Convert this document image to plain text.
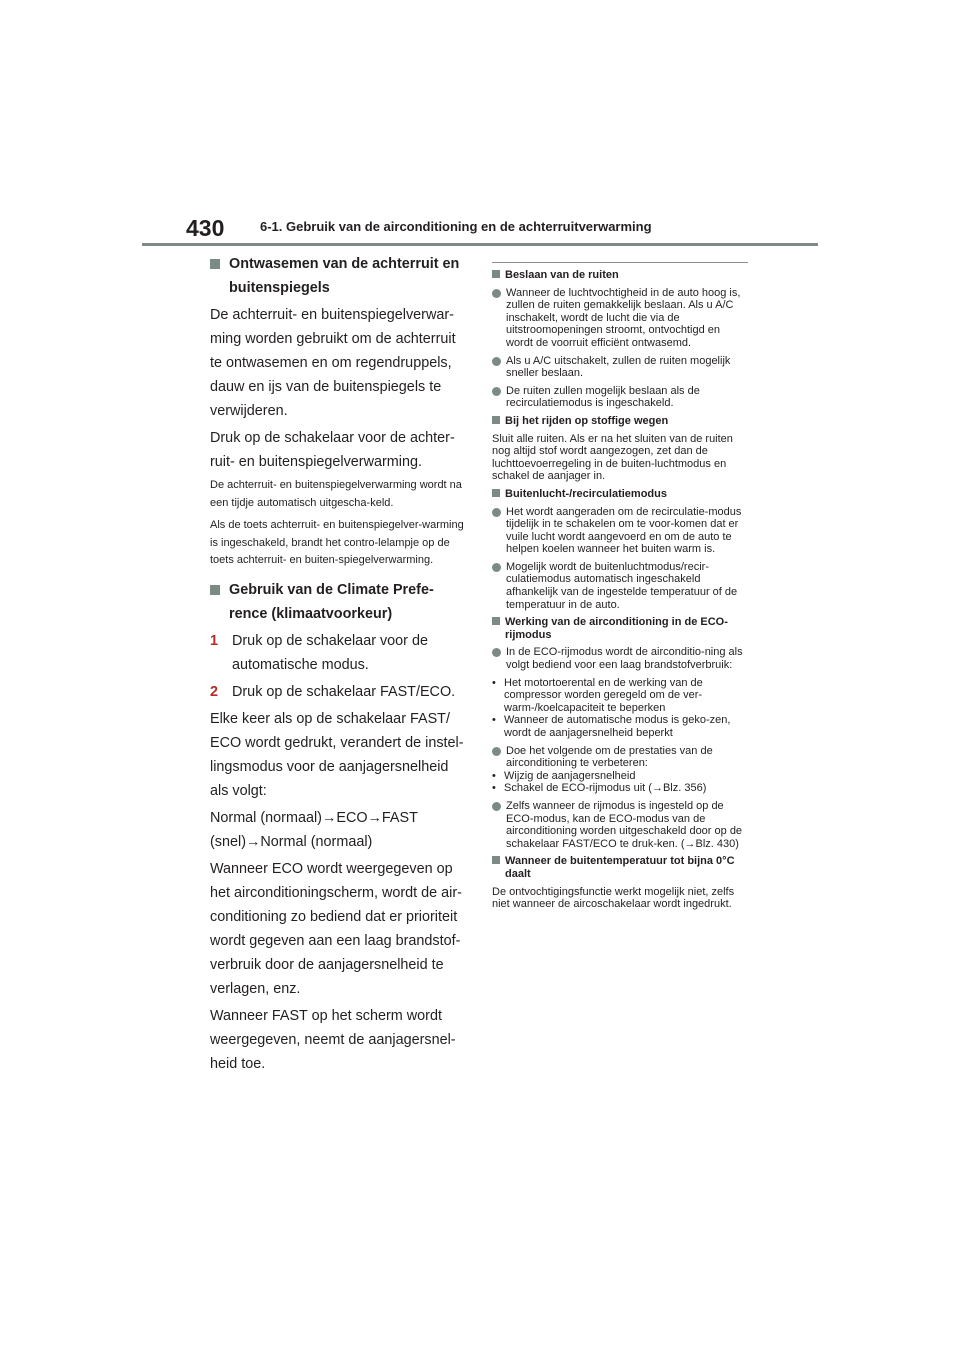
430	6-1. Gebruik van de airconditioning en de achterruitverwarming
Ontwasemen van de achterruit en buitenspiegels

De achterruit- en buitenspiegelverwar-ming worden gebruikt om de achterruit te ontwasemen en om regendruppels, dauw en ijs van de buitenspiegels te verwijderen.

Druk op de schakelaar voor de achter-ruit- en buitenspiegelverwarming.

De achterruit- en buitenspiegelverwarming wordt na een tijdje automatisch uitgescha-keld.

Als de toets achterruit- en buitenspiegelver-warming is ingeschakeld, brandt het contro-lelampje op de toets achterruit- en buiten-spiegelverwarming.

Gebruik van de Climate Prefe-rence (klimaatvoorkeur)
1 Druk op de schakelaar voor de automatische modus.
2 Druk op de schakelaar FAST/ECO.

Elke keer als op de schakelaar FAST/ ECO wordt gedrukt, verandert de instel-lingsmodus voor de aanjagersnelheid als volgt:

Normal (normaal)→ECO→FAST (snel)→Normal (normaal)

Wanneer ECO wordt weergegeven op het airconditioningscherm, wordt de air-conditioning zo bediend dat er prioriteit wordt gegeven aan een laag brandstof-verbruik door de aanjagersnelheid te verlagen, enz.

Wanneer FAST op het scherm wordt weergegeven, neemt de aanjagersnel-heid toe.

Beslaan van de ruiten
Wanneer de luchtvochtigheid in de auto hoog is, zullen de ruiten gemakkelijk beslaan. Als u A/C inschakelt, wordt de lucht die via de uitstroomopeningen stroomt, ontvochtigd en wordt de voorruit efficiënt ontwasemd.
Als u A/C uitschakelt, zullen de ruiten mogelijk sneller beslaan.
De ruiten zullen mogelijk beslaan als de recirculatiemodus is ingeschakeld.
Bij het rijden op stoffige wegen

Sluit alle ruiten. Als er na het sluiten van de ruiten nog altijd stof wordt aangezogen, zet dan de luchttoevoerregeling in de buiten-luchtmodus en schakel de aanjager in.

Buitenlucht-/recirculatiemodus
Het wordt aangeraden om de recirculatie-modus tijdelijk in te schakelen om te voor-komen dat er vuile lucht wordt aangevoerd en om de auto te helpen koelen wanneer het buiten warm is.
Mogelijk wordt de buitenluchtmodus/recir-culatiemodus automatisch ingeschakeld afhankelijk van de ingestelde temperatuur of de temperatuur in de auto.
Werking van de airconditioning in de ECO-rijmodus
In de ECO-rijmodus wordt de airconditio-ning als volgt bediend voor een laag brandstofverbruik:
• Het motortoerental en de werking van de compressor worden geregeld om de ver-warm-/koelcapaciteit te beperken
• Wanneer de automatische modus is geko-zen, wordt de aanjagersnelheid beperkt
Doe het volgende om de prestaties van de airconditioning te verbeteren:
• Wijzig de aanjagersnelheid
• Schakel de ECO-rijmodus uit (→Blz. 356)
Zelfs wanneer de rijmodus is ingesteld op de ECO-modus, kan de ECO-modus van de airconditioning worden uitgeschakeld door op de schakelaar FAST/ECO te druk-ken. (→Blz. 430)
Wanneer de buitentemperatuur tot bijna 0°C daalt

De ontvochtigingsfunctie werkt mogelijk niet, zelfs niet wanneer de aircoschakelaar wordt ingedrukt.
